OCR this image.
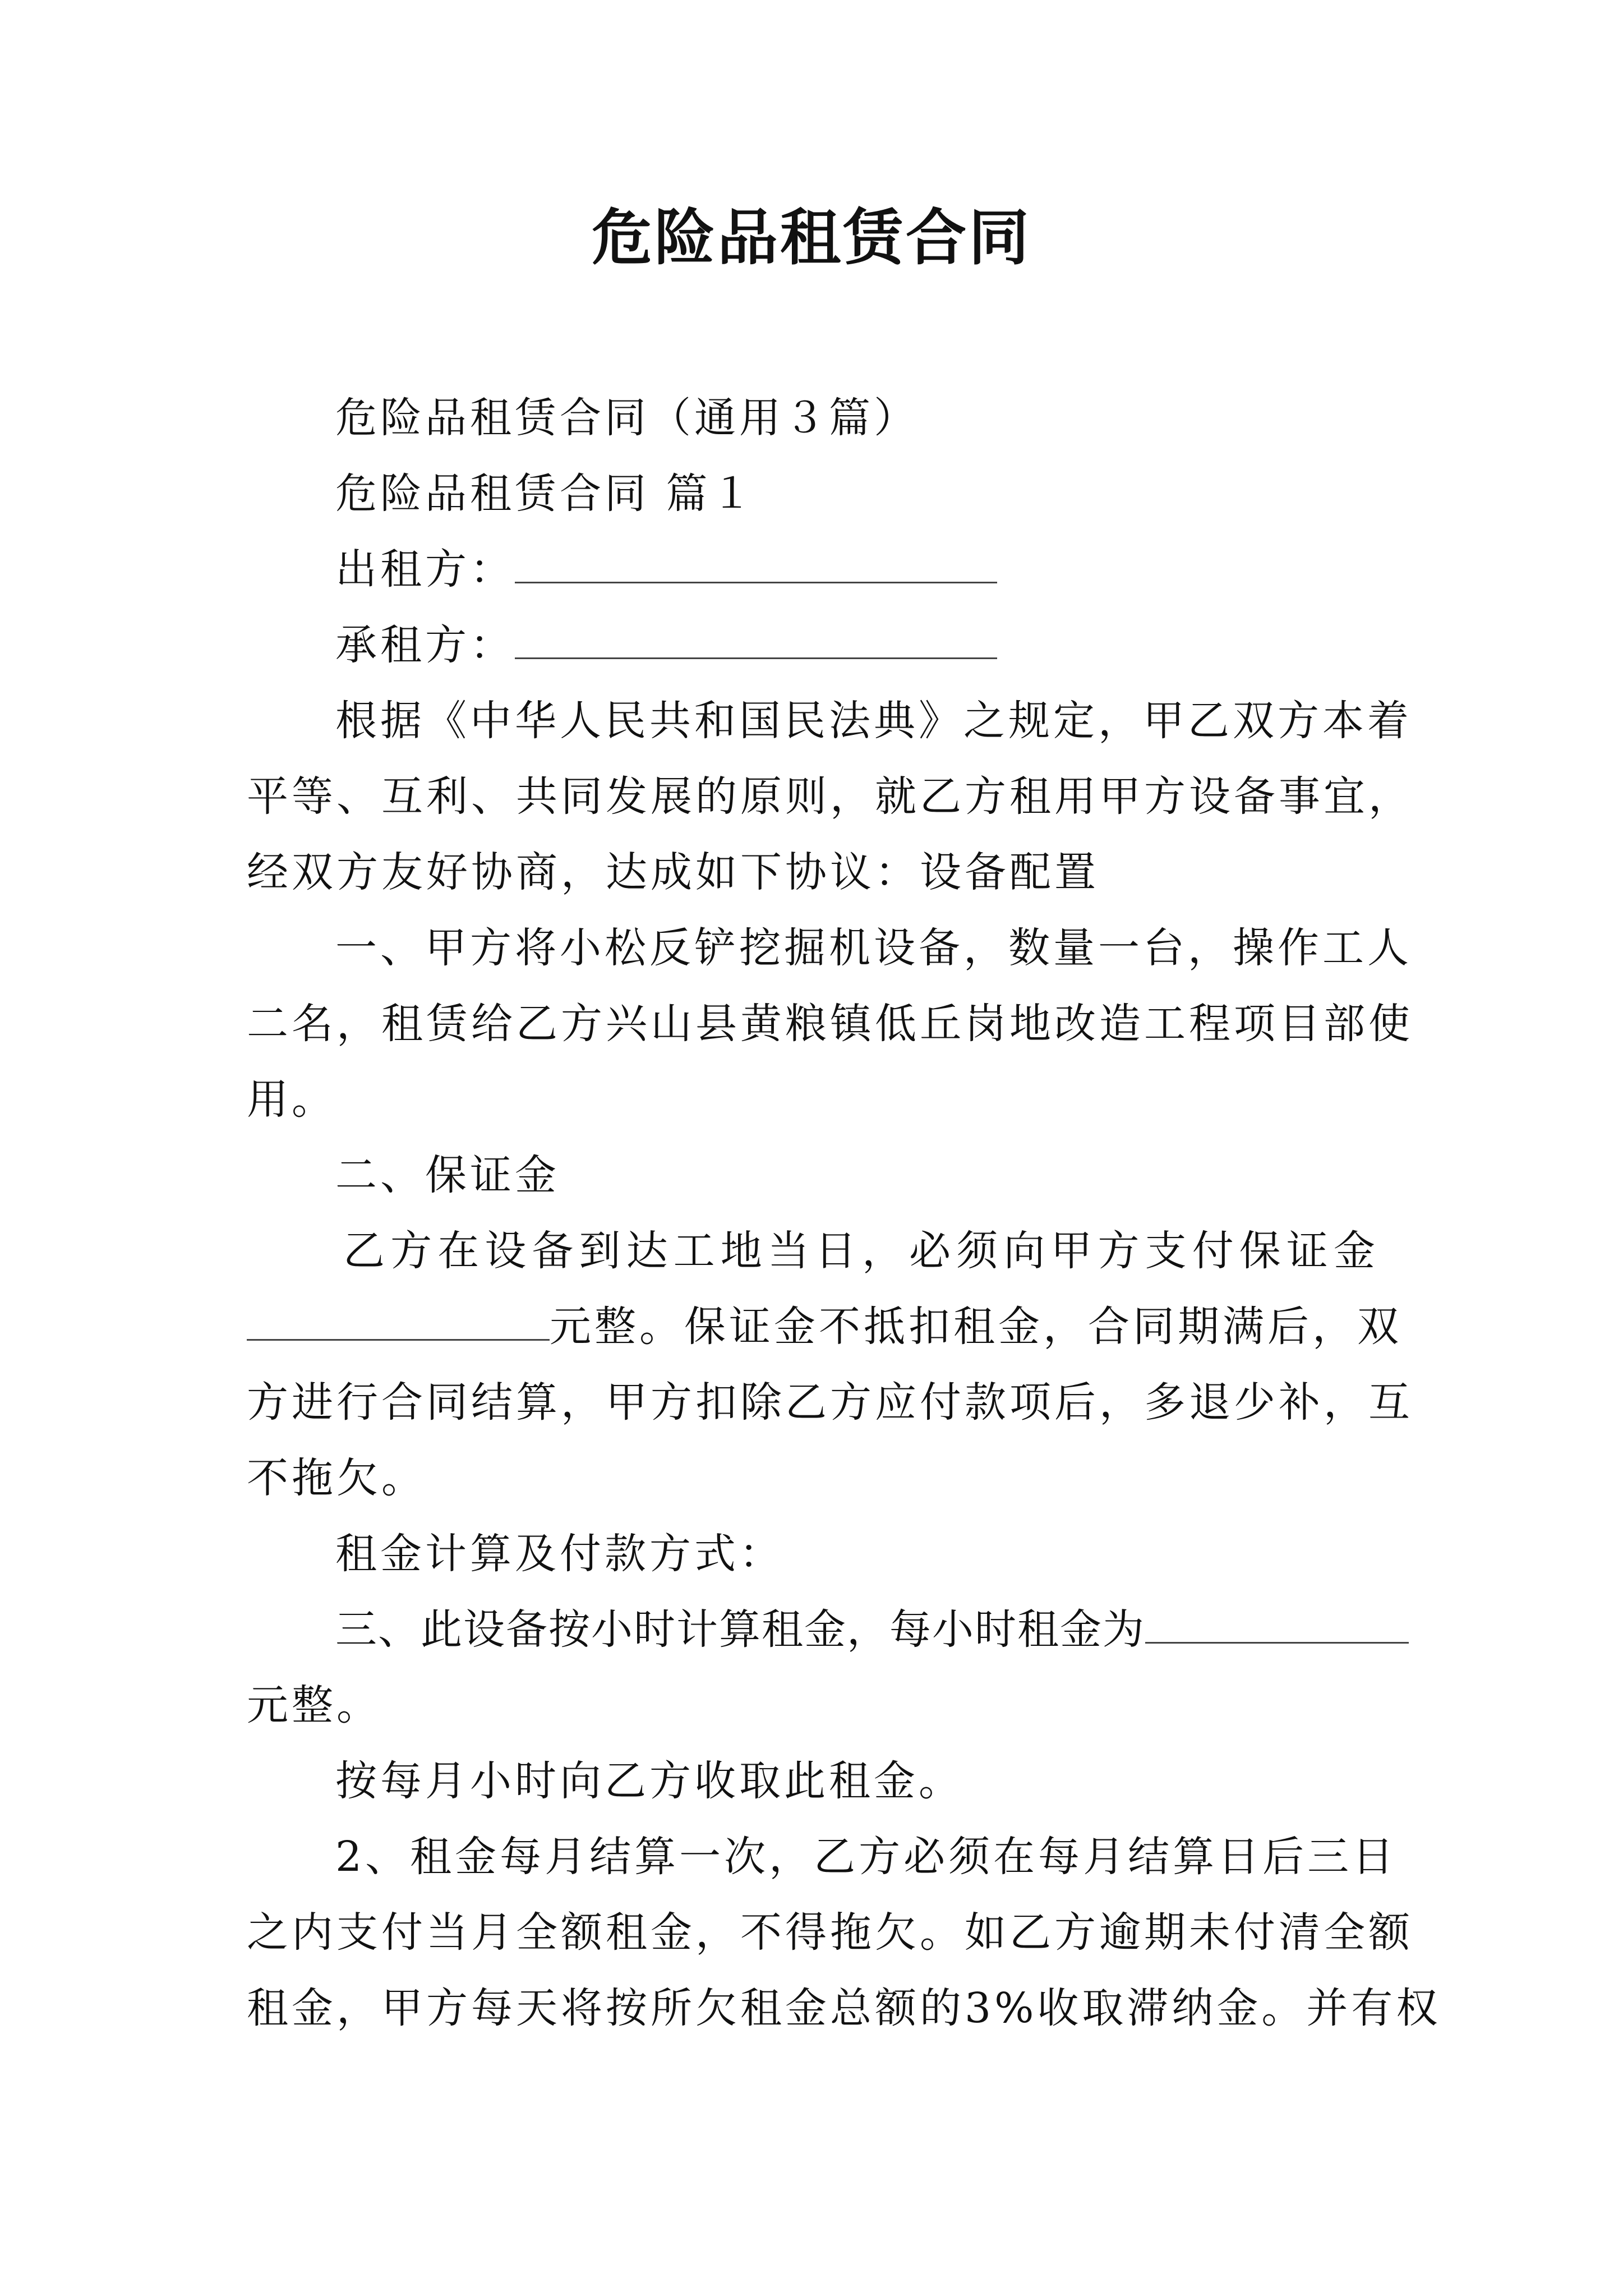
危险品租赁合同
危险品租赁合同（通用３篇）
危险品租赁合同 篇１
出租方：
承租方：
根据《中华人民共和国民法典》之规定，甲乙双方本着
平等、互利、共同发展的原则，就乙方租用甲方设备事宜，
经双方友好协商，达成如下协议：设备配置
一、甲方将小松反铲挖掘机设备，数量一台，操作工人
二名，租赁给乙方兴山县黄粮镇低丘岗地改造工程项目部使
用。
二、保证金
乙方在设备到达工地当日，必须向甲方支付保证金
元整。保证金不抵扣租金，合同期满后，双
方进行合同结算，甲方扣除乙方应付款项后，多退少补，互
不拖欠。
租金计算及付款方式：
三、此设备按小时计算租金，每小时租金为
元整。
按每月小时向乙方收取此租金。
2、租金每月结算一次，乙方必须在每月结算日后三日
之内支付当月全额租金，不得拖欠。如乙方逾期未付清全额
租金，甲方每天将按所欠租金总额的3%收取滞纳金。并有权
